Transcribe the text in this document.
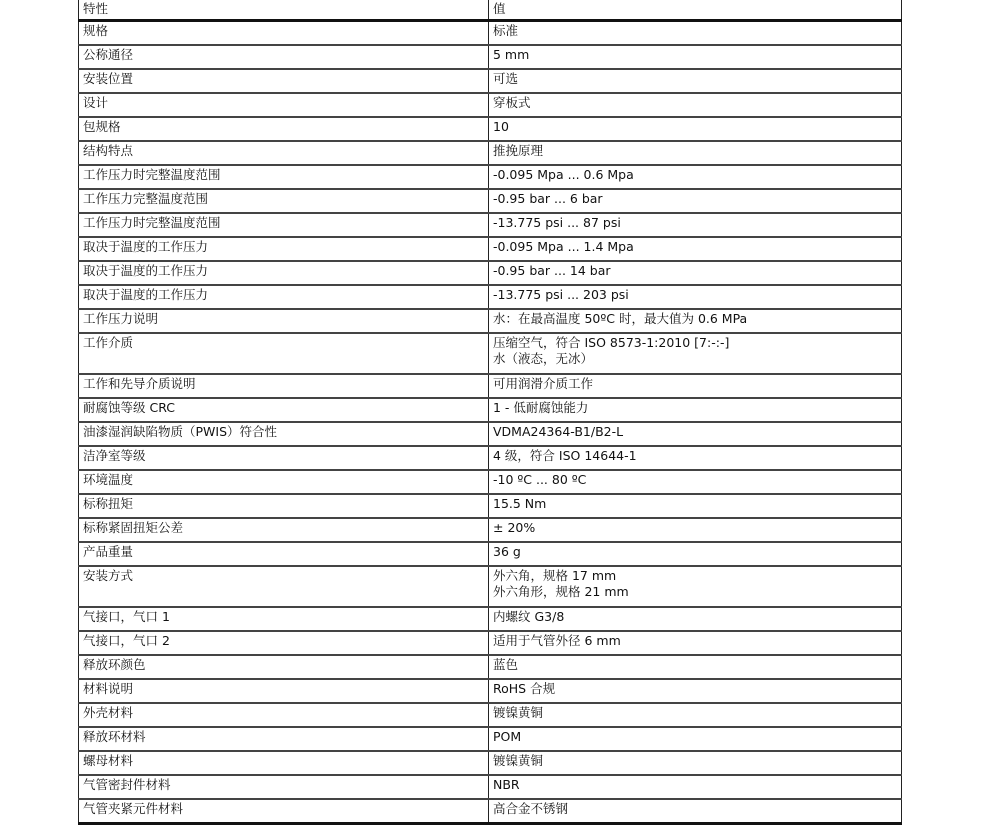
特性	值
规格	标准
公称通径	5 mm
安装位置	可选
设计	穿板式
包规格	10
结构特点	推挽原理
工作压力时完整温度范围	-0.095 Mpa ... 0.6 Mpa
工作压力完整温度范围	-0.95 bar ... 6 bar
工作压力时完整温度范围	-13.775 psi ... 87 psi
取决于温度的工作压力	-0.095 Mpa ... 1.4 Mpa
取决于温度的工作压力	-0.95 bar ... 14 bar
取决于温度的工作压力	-13.775 psi ... 203 psi
工作压力说明	水：在最高温度 50ºC 时，最大值为 0.6 MPa
工作介质	压缩空气，符合 ISO 8573-1:2010 [7:-:-]
水（液态，无冰）
工作和先导介质说明	可用润滑介质工作
耐腐蚀等级 CRC	1 - 低耐腐蚀能力
油漆湿润缺陷物质（PWIS）符合性	VDMA24364-B1/B2-L
洁净室等级	4 级，符合 ISO 14644-1
环境温度	-10 ºC ... 80 ºC
标称扭矩	15.5 Nm
标称紧固扭矩公差	± 20%
产品重量	36 g
安装方式	外六角，规格 17 mm
外六角形，规格 21 mm
气接口，气口 1	内螺纹 G3/8
气接口，气口 2	适用于气管外径 6 mm
释放环颜色	蓝色
材料说明	RoHS 合规
外壳材料	镀镍黄铜
释放环材料	POM
螺母材料	镀镍黄铜
气管密封件材料	NBR
气管夹紧元件材料	高合金不锈钢
